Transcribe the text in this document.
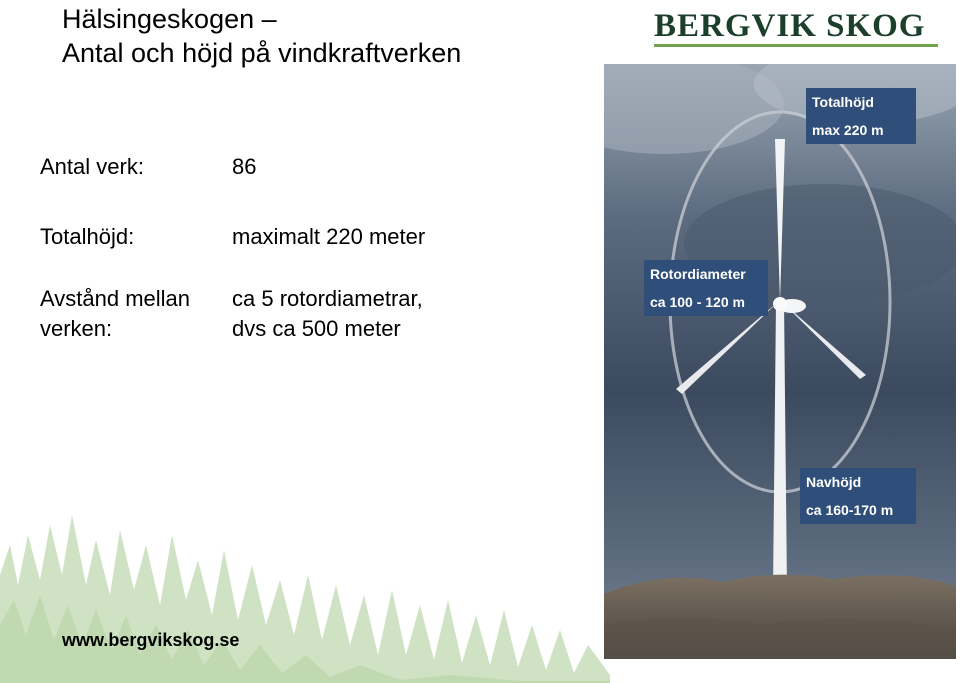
Hälsingeskogen –
Antal och höjd på vindkraftverken
BERGVIK SKOG
Antal verk:	86
Totalhöjd:	maximalt 220 meter
Avstånd mellan
verken:
ca 5 rotordiametrar,
dvs ca 500 meter
Totalhöjd
max 220 m
Rotordiameter
ca 100 - 120 m
Navhöjd
ca 160-170 m
www.bergvikskog.se
